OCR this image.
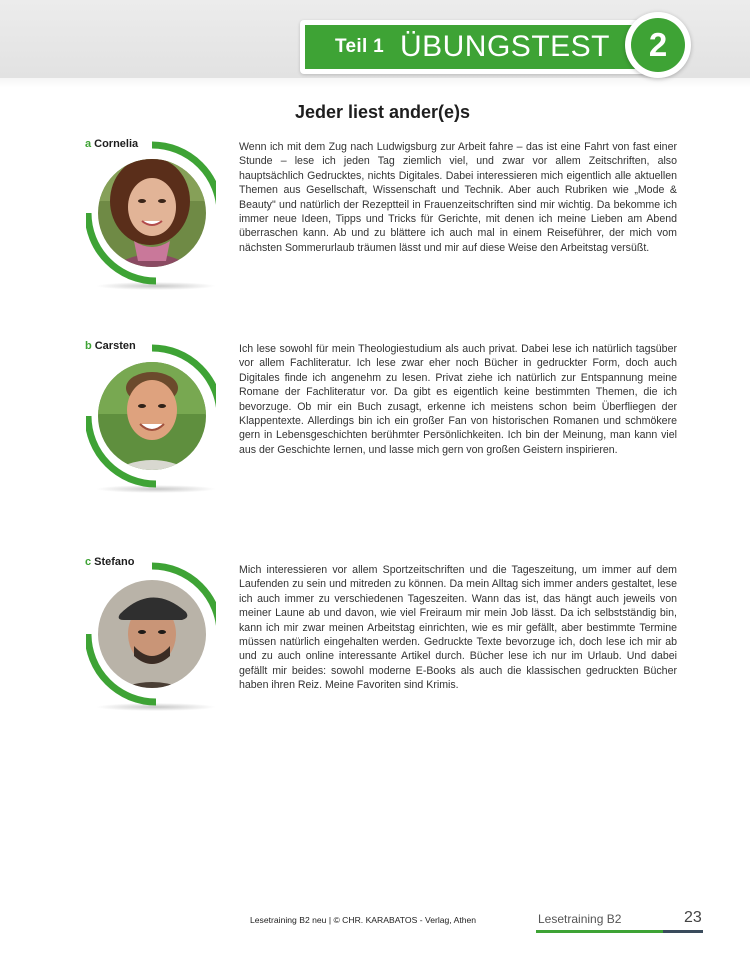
Teil 1 ÜBUNGSTEST	2
Jeder liest ander(e)s
a Cornelia	Wenn ich mit dem Zug nach Ludwigsburg zur Arbeit fahre – das ist eine Fahrt von fast einer Stunde – lese ich jeden Tag ziemlich viel, und zwar vor allem Zeitschriften, also hauptsächlich Gedrucktes, nichts Digitales. Dabei interessieren mich eigentlich alle aktuellen Themen aus Gesellschaft, Wissenschaft und Technik. Aber auch Rubriken wie „Mode & Beauty" und natürlich der Rezeptteil in Frauenzeitschriften sind mir wichtig. Da bekomme ich immer neue Ideen, Tipps und Tricks für Gerichte, mit denen ich meine Lieben am Abend überraschen kann. Ab und zu blättere ich auch mal in einem Reiseführer, der mich vom nächsten Sommerurlaub träumen lässt und mir auf diese Weise den Arbeitstag versüßt.
b Carsten	Ich lese sowohl für mein Theologiestudium als auch privat. Dabei lese ich natürlich tagsüber vor allem Fachliteratur. Ich lese zwar eher noch Bücher in gedruckter Form, doch auch Digitales finde ich angenehm zu lesen. Privat ziehe ich natürlich zur Entspannung meine Romane der Fachliteratur vor. Da gibt es eigentlich keine bestimmten Themen, die ich bevorzuge. Ob mir ein Buch zusagt, erkenne ich meistens schon beim Überfliegen der Klappentexte. Allerdings bin ich ein großer Fan von historischen Romanen und schmökere gern in Lebensgeschichten berühmter Persönlichkeiten. Ich bin der Meinung, man kann viel aus der Geschichte lernen, und lasse mich gern von großen Geistern inspirieren.
c Stefano
Mich interessieren vor allem Sportzeitschriften und die Tageszeitung, um immer auf dem Laufenden zu sein und mitreden zu können. Da mein Alltag sich immer anders gestaltet, lese ich auch immer zu verschiedenen Tageszeiten. Wann das ist, das hängt auch jeweils von meiner Laune ab und davon, wie viel Freiraum mir mein Job lässt. Da ich selbstständig bin, kann ich mir zwar meinen Arbeitstag einrichten, wie es mir gefällt, aber bestimmte Termine müssen natürlich eingehalten werden. Gedruckte Texte bevorzuge ich, doch lese ich mir ab und zu auch online interessante Artikel durch. Bücher lese ich nur im Urlaub. Und dabei gefällt mir beides: sowohl moderne E-Books als auch die klassischen gedruckten Bücher haben ihren Reiz. Meine Favoriten sind Krimis.
Lesetraining B2 neu | © CHR. KARABATOS - Verlag, Athen	Lesetraining B2	23
